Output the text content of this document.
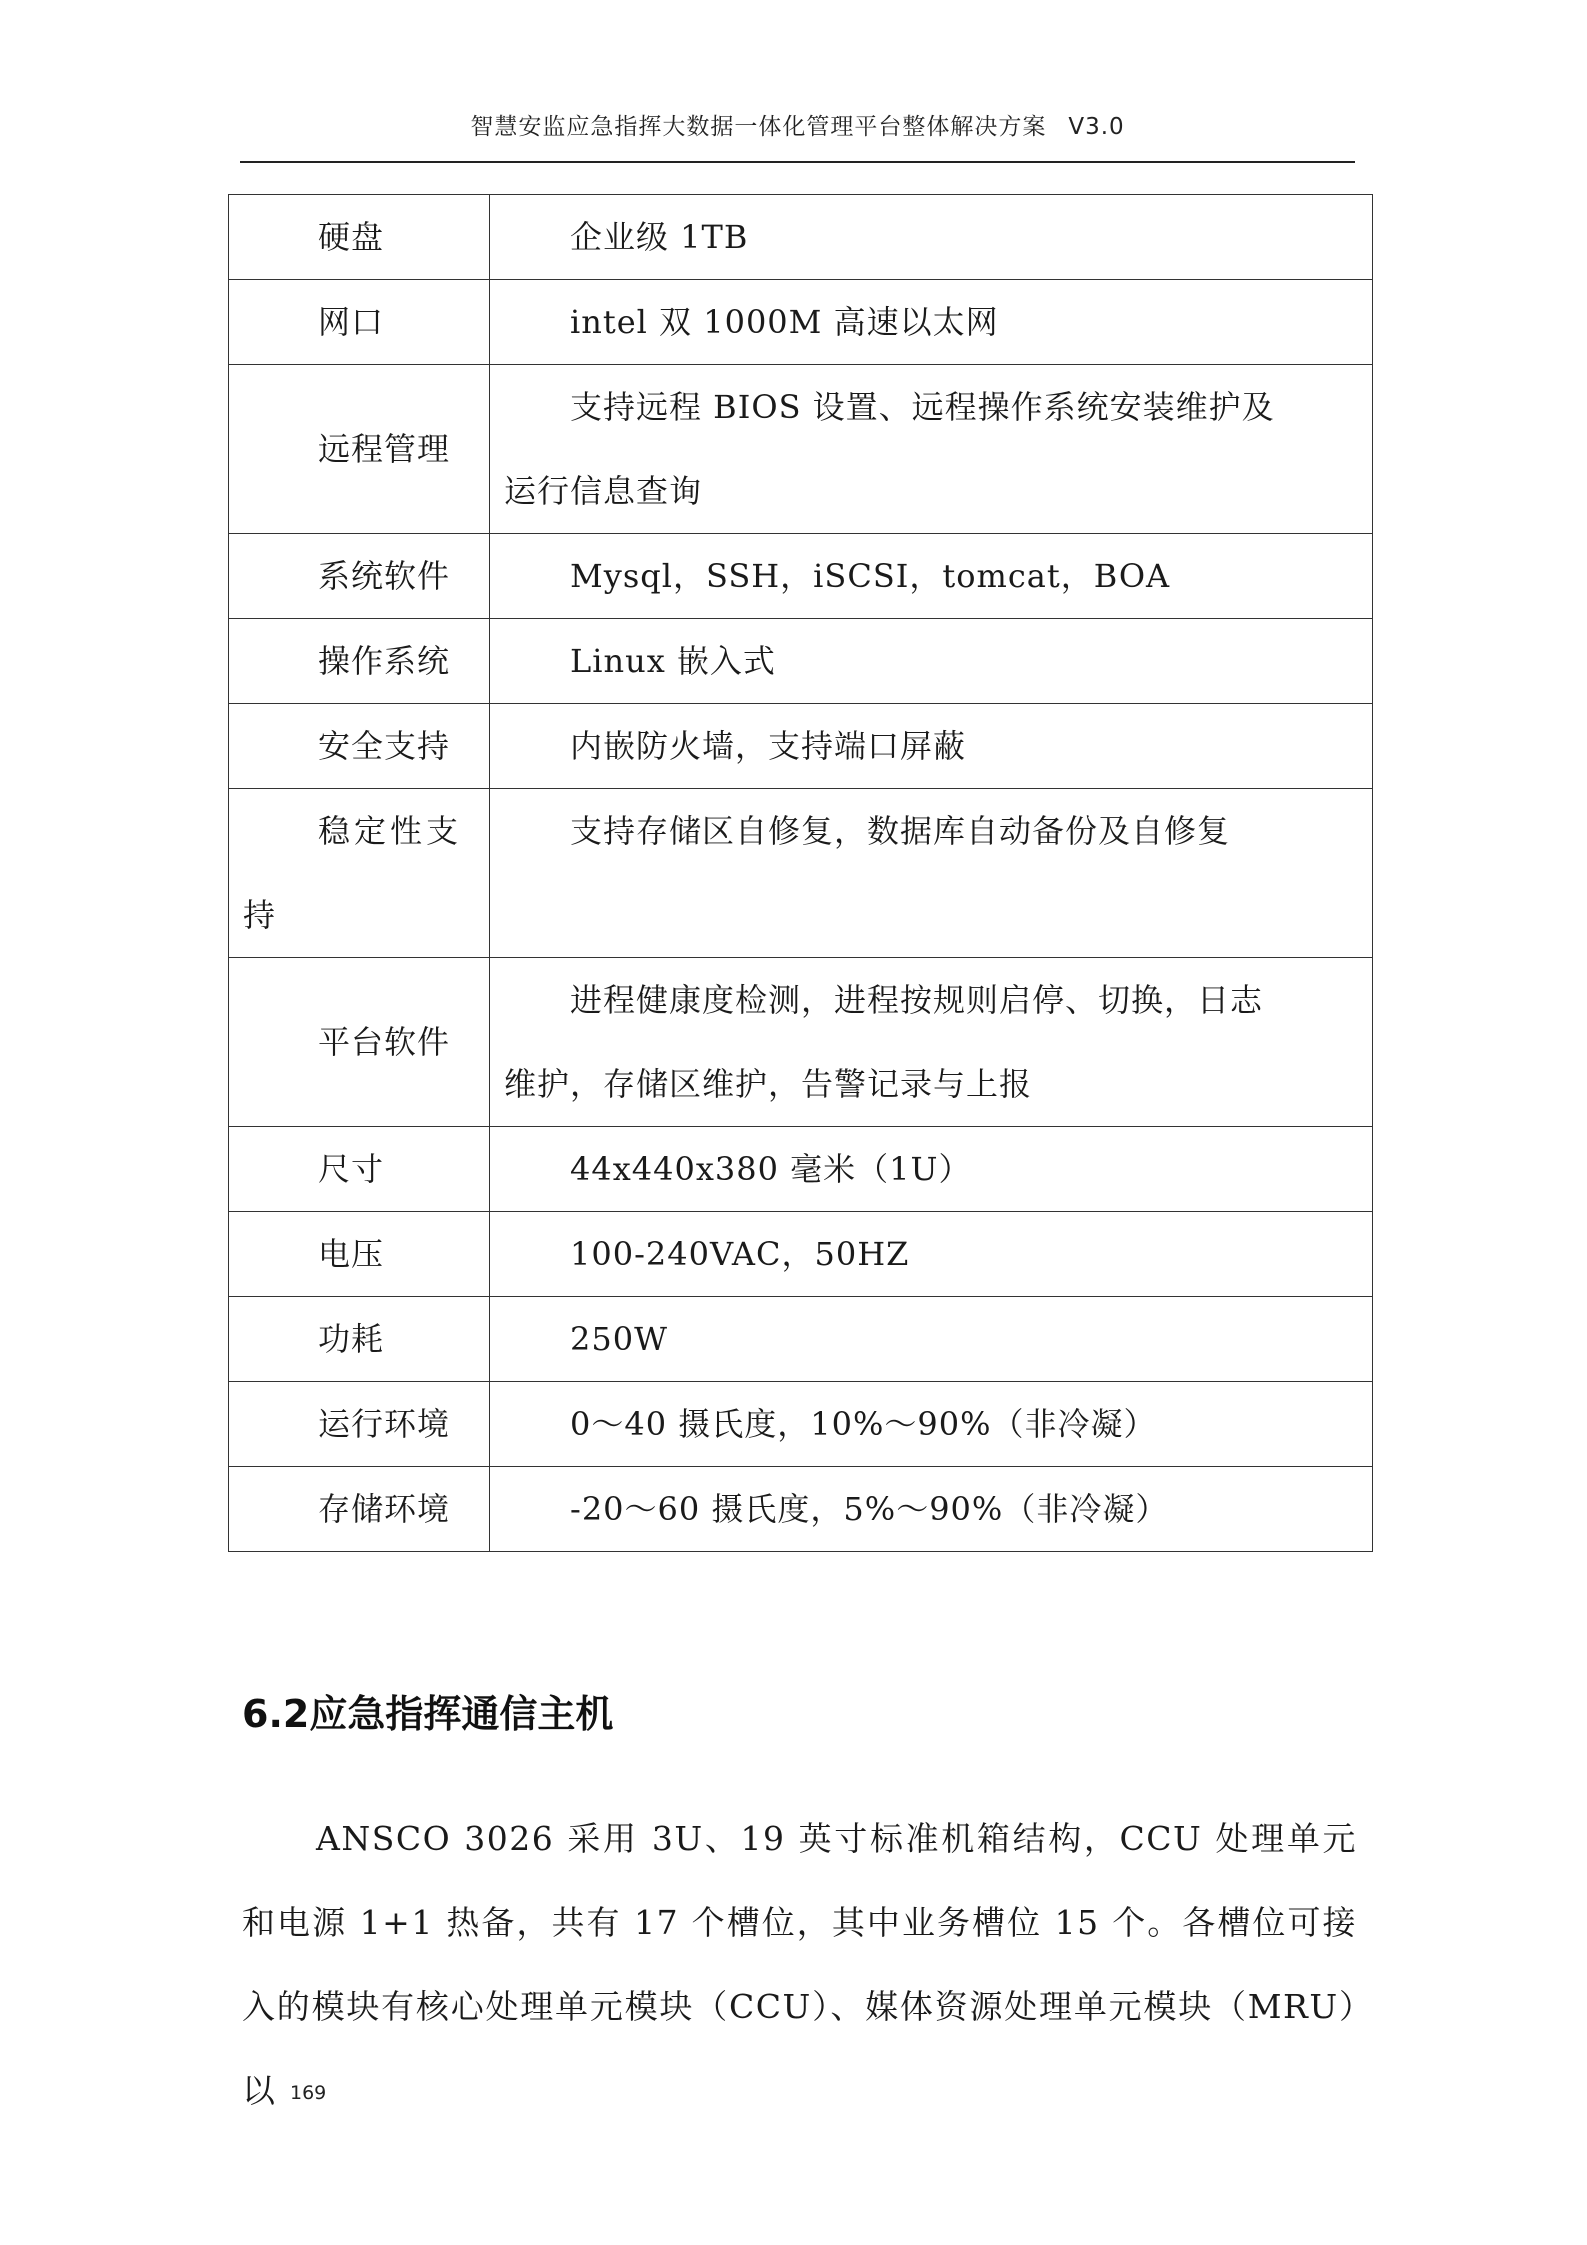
智慧安监应急指挥大数据一体化管理平台整体解决方案 V3.0
硬盘	企业级 1TB
网口	intel 双 1000M 高速以太网
远程管理	支持远程 BIOS 设置、远程操作系统安装维护及
运行信息查询
系统软件	Mysql，SSH，iSCSI，tomcat，BOA
操作系统	Linux 嵌入式
安全支持	内嵌防火墙，支持端口屏蔽

稳定性支
持	支持存储区自修复，数据库自动备份及自修复
平台软件	进程健康度检测，进程按规则启停、切换，日志
维护，存储区维护，告警记录与上报
尺寸	44x440x380 毫米（1U）
电压	100-240VAC，50HZ
功耗	250W
运行环境	0～40 摄氏度，10%～90%（非冷凝）
存储环境	-20～60 摄氏度，5%～90%（非冷凝）
6.2应急指挥通信主机

ANSCO 3026 采用 3U、19 英寸标准机箱结构，CCU 处理单元和电源 1+1 热备，共有 17 个槽位，其中业务槽位 15 个。各槽位可接入的模块有核心处理单元模块（CCU）、媒体资源处理单元模块（MRU）以 169
